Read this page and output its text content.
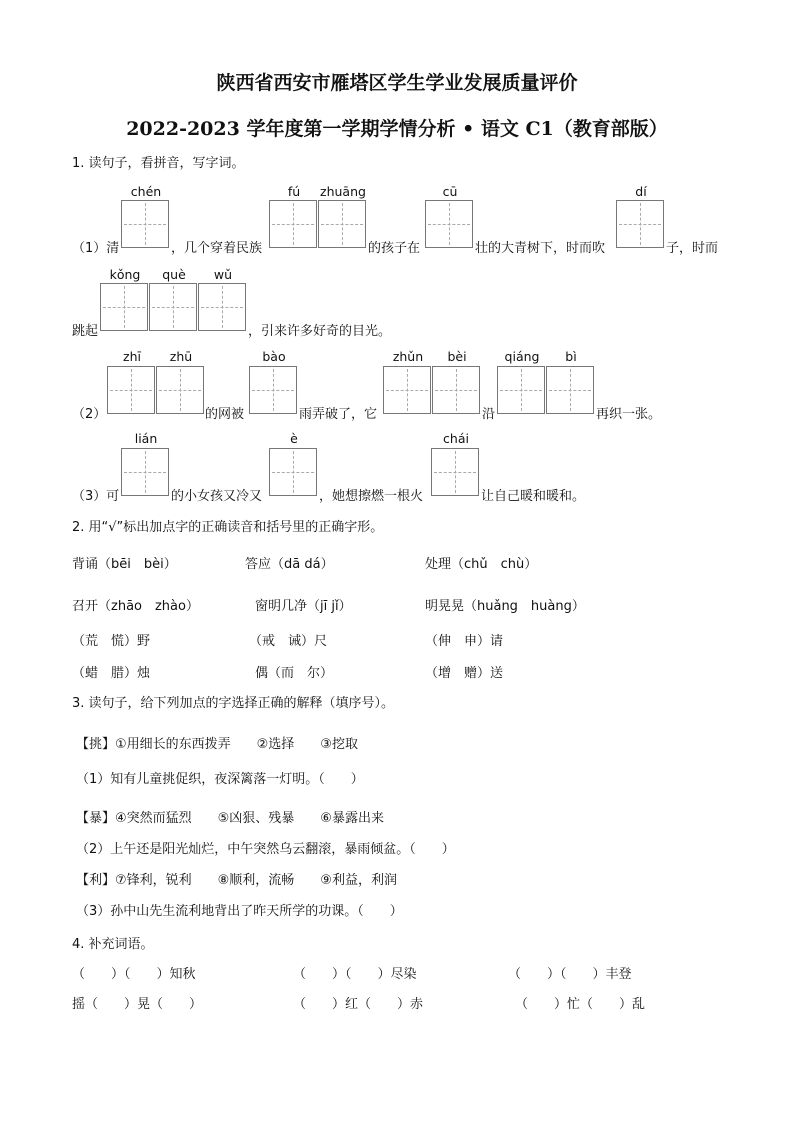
陕西省西安市雁塔区学生学业发展质量评价
2022-2023 学年度第一学期学情分析 • 语文 C1（教育部版）
1. 读句子，看拼音，写字词。
chén	fú	zhuāng	cū	dí
（1）清	，几个穿着民族	的孩子在	壮的大青树下，时而吹	子，时而
kǒng	què	wǔ
跳起	，引来许多好奇的目光。
zhī	zhū	bào	zhǔn	bèi	qiáng	bì
（2）	的网被	雨弄破了，它	沿	再织一张。
lián	è	chái
（3）可	的小女孩又冷又	，她想擦燃一根火	让自己暖和暖和。
2. 用“√”标出加点字的正确读音和括号里的正确字形。
背诵（bēi　bèi）	答应（dā dá）	处理（chǔ　chù）
召开（zhāo　zhào）	窗明几净（jī jǐ）	明晃晃（huǎng　huàng）
（荒　慌）野	（戒　诫）尺	（伸　申）请
（蜡　腊）烛	偶（而　尔）	（增　赠）送
3. 读句子，给下列加点的字选择正确的解释（填序号）。
【挑】①用细长的东西拨弄　　②选择　　③挖取
（1）知有儿童挑促织，夜深篱落一灯明。（　　）
【暴】④突然而猛烈　　⑤凶狠、残暴　　⑥暴露出来
（2）上午还是阳光灿烂，中午突然乌云翻滚，暴雨倾盆。（　　）
【利】⑦锋利，锐利　　⑧顺利，流畅　　⑨利益，利润
（3）孙中山先生流利地背出了昨天所学的功课。（　　）
4. 补充词语。
（　　）（　　）知秋	（　　）（　　）尽染	（　　）（　　）丰登
摇（　　）晃（　　）	（　　）红（　　）赤	（　　）忙（　　）乱
